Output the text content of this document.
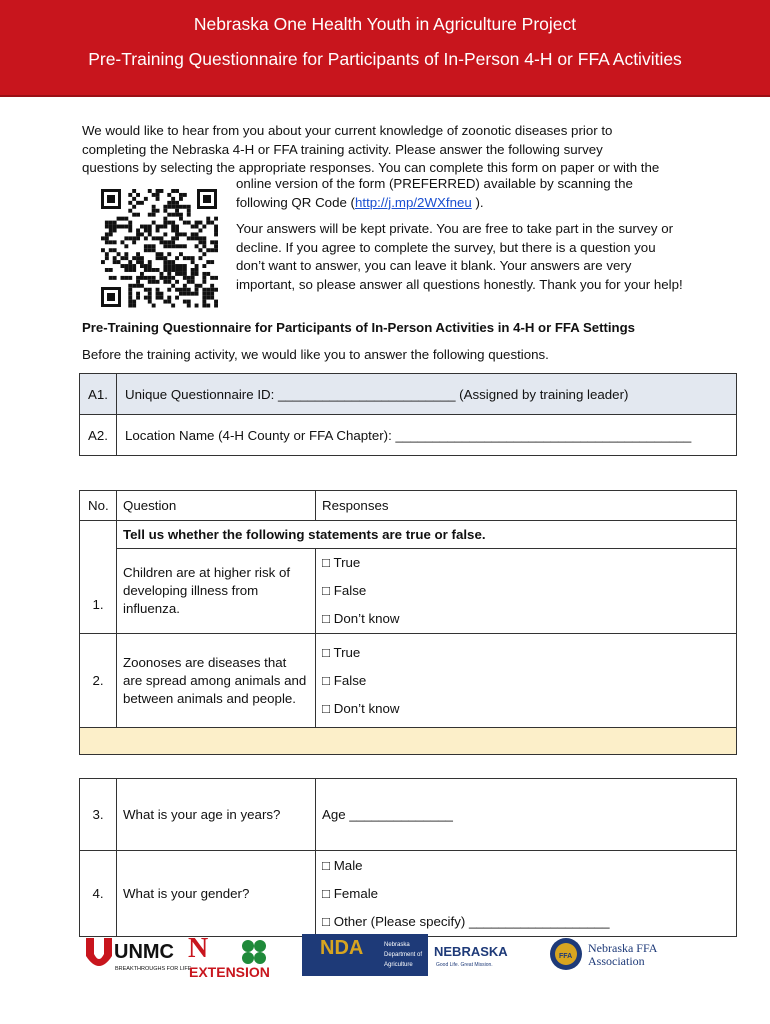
Nebraska One Health Youth in Agriculture Project
Pre-Training Questionnaire for Participants of In-Person 4-H or FFA Activities
We would like to hear from you about your current knowledge of zoonotic diseases prior to
completing the Nebraska 4-H or FFA training activity. Please answer the following survey
questions by selecting the appropriate responses. You can complete this form on paper or with the
online version of the form (PREFERRED) available by scanning the
following QR Code (http://j.mp/2WXfneu ).
Your answers will be kept private. You are free to take part in the survey or decline. If you agree to complete the survey, but there is a question you don’t want to answer, you can leave it blank. Your answers are very important, so please answer all questions honestly. Thank you for your help!
Pre-Training Questionnaire for Participants of In-Person Activities in 4-H or FFA Settings
Before the training activity, we would like you to answer the following questions.
A1.	Unique Questionnaire ID: ________________________ (Assigned by training leader)
A2.	Location Name (4-H County or FFA Chapter): ________________________________________
No.	Question	Responses

1.	Tell us whether the following statements are true or false.	
	Children are at higher risk of developing illness from influenza.	□ True
□ False
□ Don’t know

2.	Zoonoses are diseases that are spread among animals and between animals and people.	□ True
□ False
□ Don’t know

3.	What is your age in years?	Age ______________
4.	What is your gender?	□ Male
□ Female
□ Other (Please specify) ___________________
UNMC
BREAKTHROUGHS FOR LIFE
N
EXTENSION
NDA	Nebraska
Department of
Agriculture
NEBRASKA
Good Life. Great Mission.
FFA
Nebraska FFA
Association
